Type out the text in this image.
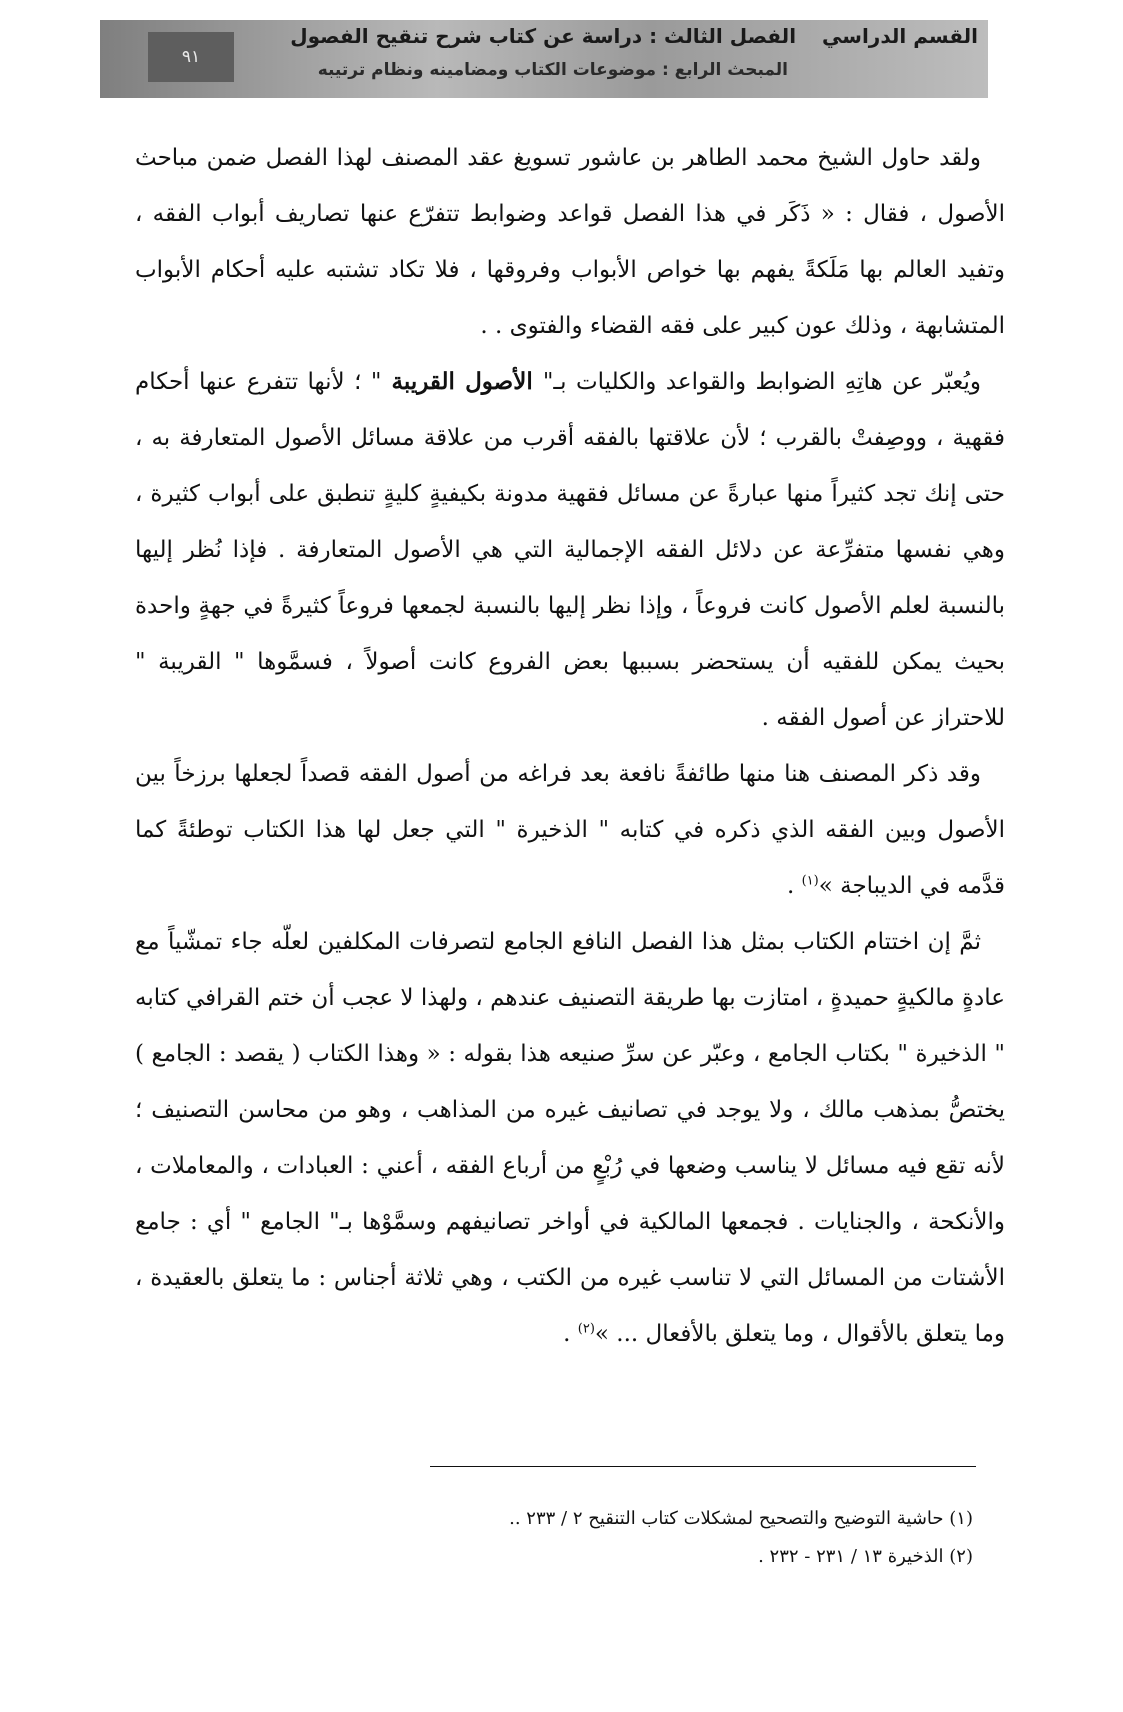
القسم الدراسيالفصل الثالث : دراسة عن كتاب شرح تنقيح الفصول
المبحث الرابع : موضوعات الكتاب ومضامينه ونظام ترتيبه
٩١

ولقد حاول الشيخ محمد الطاهر بن عاشور تسويغ عقد المصنف لهذا الفصل ضمن مباحث الأصول ، فقال : « ذَكَر في هذا الفصل قواعد وضوابط تتفرّع عنها تصاريف أبواب الفقه ، وتفيد العالم بها مَلَكةً يفهم بها خواص الأبواب وفروقها ، فلا تكاد تشتبه عليه أحكام الأبواب المتشابهة ، وذلك عون كبير على فقه القضاء والفتوى . .

ويُعبّر عن هاتِهِ الضوابط والقواعد والكليات بـ" الأصول القريبة " ؛ لأنها تتفرع عنها أحكام فقهية ، ووصِفتْ بالقرب ؛ لأن علاقتها بالفقه أقرب من علاقة مسائل الأصول المتعارفة به ، حتى إنك تجد كثيراً منها عبارةً عن مسائل فقهية مدونة بكيفيةٍ كليةٍ تنطبق على أبواب كثيرة ، وهي نفسها متفرِّعة عن دلائل الفقه الإجمالية التي هي الأصول المتعارفة . فإذا نُظر إليها بالنسبة لعلم الأصول كانت فروعاً ، وإذا نظر إليها بالنسبة لجمعها فروعاً كثيرةً في جهةٍ واحدة بحيث يمكن للفقيه أن يستحضر بسببها بعض الفروع كانت أصولاً ، فسمَّوها " القريبة " للاحتراز عن أصول الفقه .

وقد ذكر المصنف هنا منها طائفةً نافعة بعد فراغه من أصول الفقه قصداً لجعلها برزخاً بين الأصول وبين الفقه الذي ذكره في كتابه " الذخيرة " التي جعل لها هذا الكتاب توطئةً كما قدَّمه في الديباجة »$^{(١)}$ .

ثمَّ إن اختتام الكتاب بمثل هذا الفصل النافع الجامع لتصرفات المكلفين لعلّه جاء تمشّياً مع عادةٍ مالكيةٍ حميدةٍ ، امتازت بها طريقة التصنيف عندهم ، ولهذا لا عجب أن ختم القرافي كتابه " الذخيرة " بكتاب الجامع ، وعبّر عن سرِّ صنيعه هذا بقوله : « وهذا الكتاب ( يقصد : الجامع ) يختصُّ بمذهب مالك ، ولا يوجد في تصانيف غيره من المذاهب ، وهو من محاسن التصنيف ؛ لأنه تقع فيه مسائل لا يناسب وضعها في رُبْعٍ من أرباع الفقه ، أعني : العبادات ، والمعاملات ، والأنكحة ، والجنايات . فجمعها المالكية في أواخر تصانيفهم وسمَّوْها بـ" الجامع " أي : جامع الأشتات من المسائل التي لا تناسب غيره من الكتب ، وهي ثلاثة أجناس : ما يتعلق بالعقيدة ، وما يتعلق بالأقوال ، وما يتعلق بالأفعال ... »$^{(٢)}$ .

(١) حاشية التوضيح والتصحيح لمشكلات كتاب التنقيح ٢ / ٢٣٣ ..

(٢) الذخيرة ١٣ / ٢٣١ - ٢٣٢ .
